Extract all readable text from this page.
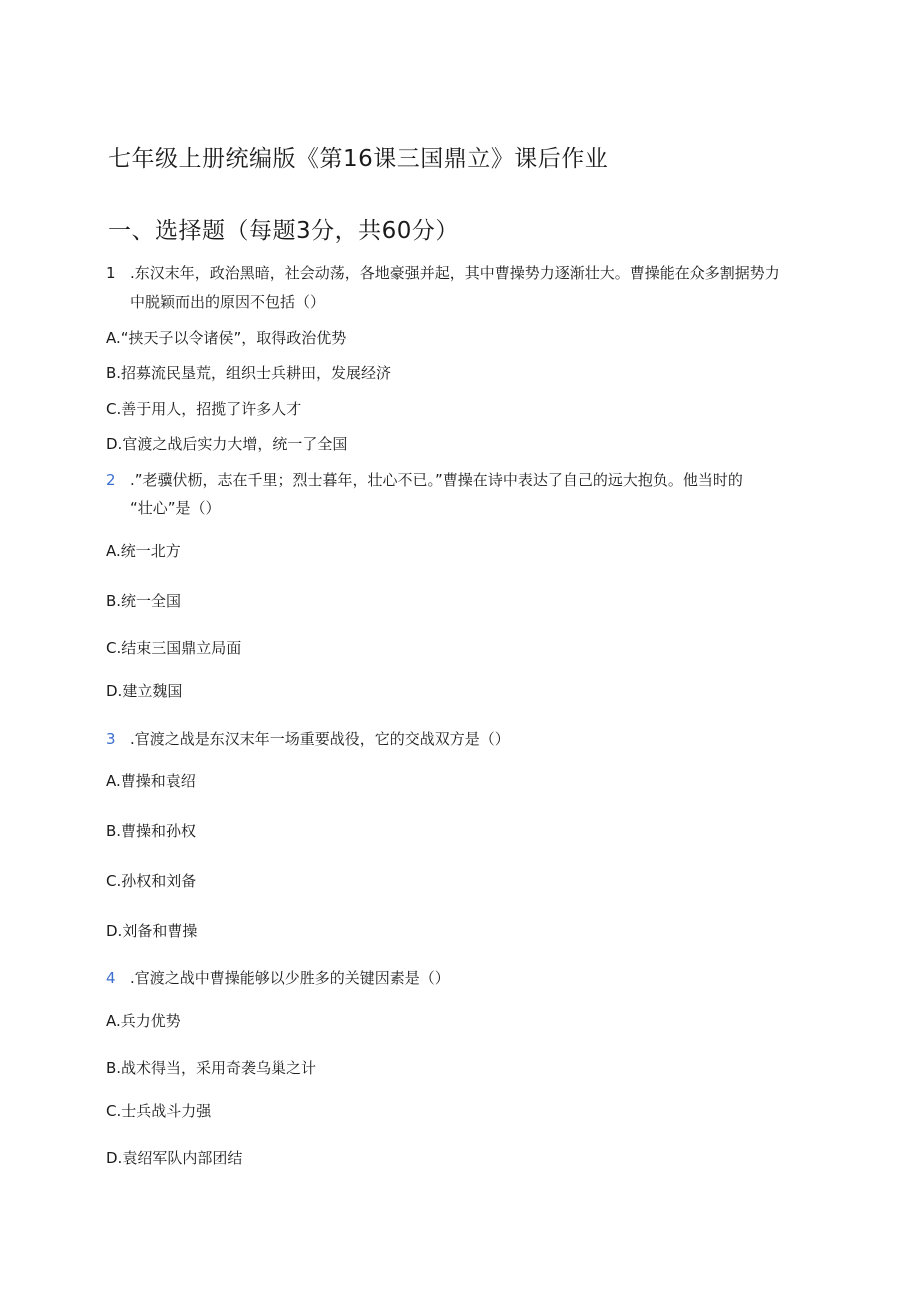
七年级上册统编版《第16课三国鼎立》课后作业
一、选择题（每题3分，共60分）
1 .东汉末年，政治黑暗，社会动荡，各地豪强并起，其中曹操势力逐渐壮大。曹操能在众多割据势力
中脱颖而出的原因不包括（）
A.“挟天子以令诸侯”，取得政治优势
B.招募流民垦荒，组织士兵耕田，发展经济
C.善于用人，招揽了许多人才
D.官渡之战后实力大增，统一了全国
2 .”老骥伏枥，志在千里；烈士暮年，壮心不已。”曹操在诗中表达了自己的远大抱负。他当时的
“壮心”是（）
A.统一北方
B.统一全国
C.结束三国鼎立局面
D.建立魏国
3 .官渡之战是东汉末年一场重要战役，它的交战双方是（）
A.曹操和袁绍
B.曹操和孙权
C.孙权和刘备
D.刘备和曹操
4 .官渡之战中曹操能够以少胜多的关键因素是（）
A.兵力优势
B.战术得当，采用奇袭乌巢之计
C.士兵战斗力强
D.袁绍军队内部团结
